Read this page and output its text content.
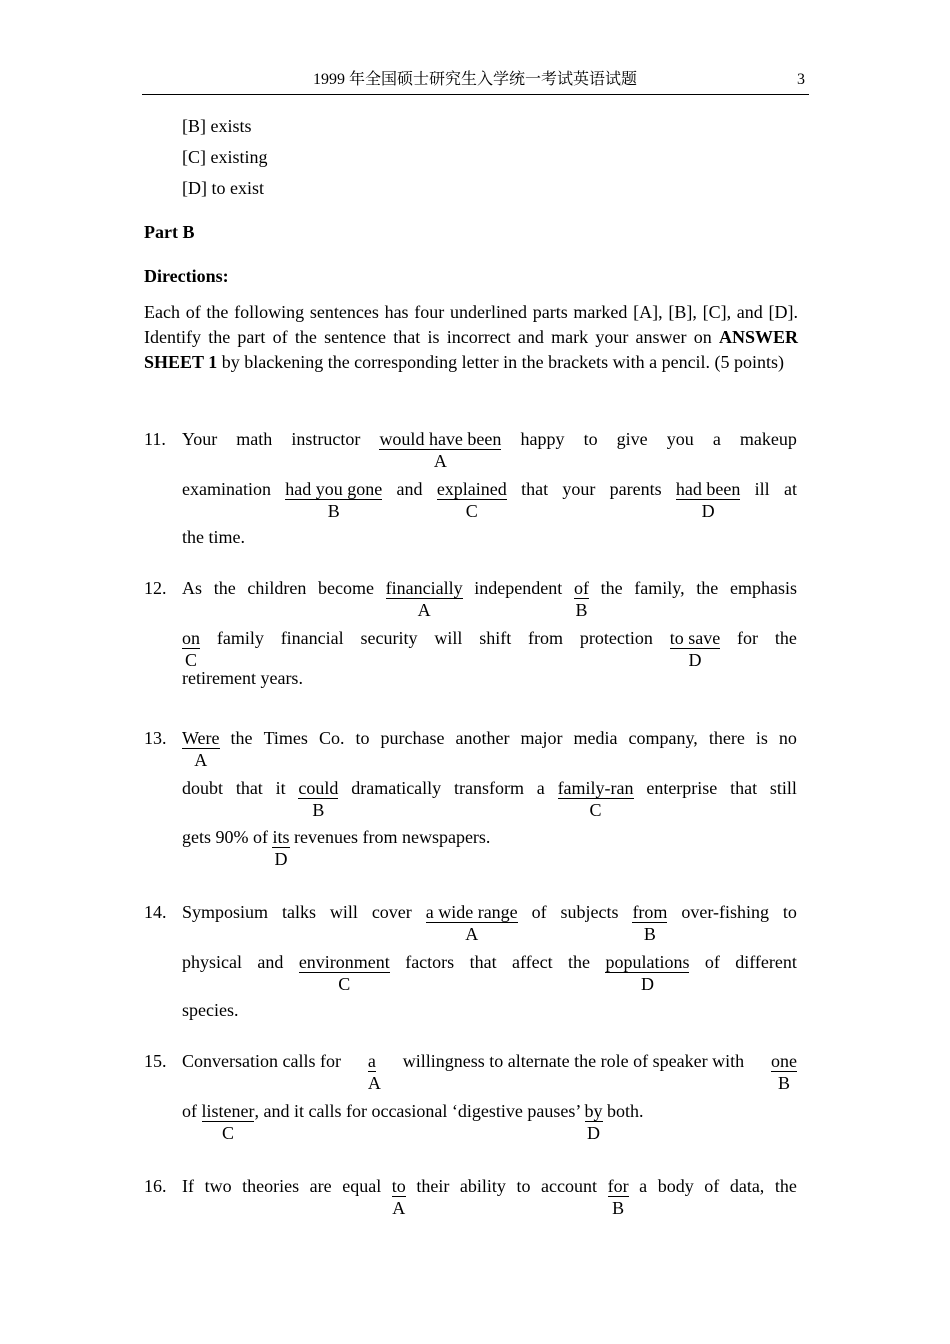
1999 年全国硕士研究生入学统一考试英语试题	3
[B] exists
[C] existing
[D] to exist
Part B
Directions:
Each of the following sentences has four underlined parts marked [A], [B], [C], and [D]. Identify the part of the sentence that is incorrect and mark your answer on ANSWER SHEET 1 by blackening the corresponding letter in the brackets with a pencil. (5 points)
11. Your math instructor would have been
A
happy to give you a makeup
examination had you gone
B
and explained
C
that your parents had been
D
ill at
the time.
12. As the children become financially
A
independent of
B
the family, the emphasis
on
C
family financial security will shift from protection to save
D
for the
retirement years.
13. Were
A
the Times Co. to purchase another major media company, there is no
doubt that it could
B
dramatically transform a family-ran
C
enterprise that still
gets 90% of its
D
revenues from newspapers.
14. Symposium talks will cover a wide range
A
of subjects from
B
over-fishing to
physical and environment
C
factors that affect the populations
D
of different
species.
15. Conversation calls for a
A
willingness to alternate the role of speaker with one
B
of listener
C
, and it calls for occasional ‘digestive pauses’ $\frac{by}{D}$ both.
16. If two theories are equal to
A
their ability to account for
B
a body of data, the
